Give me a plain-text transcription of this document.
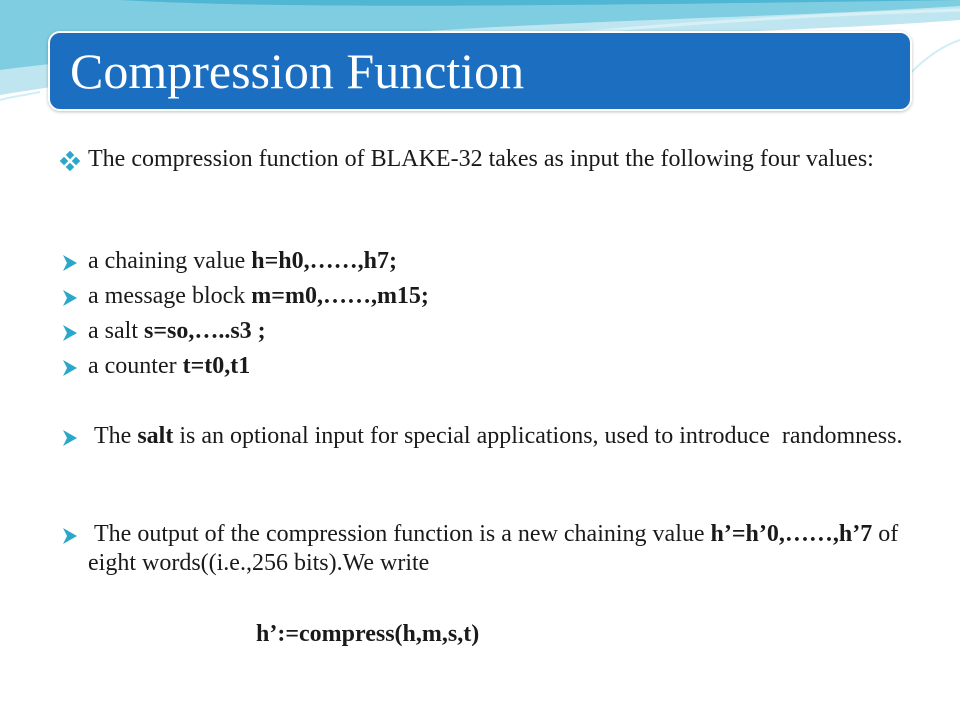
Compression Function
The compression function of BLAKE-32 takes as input the following four values:
a chaining value h=h0,……,h7;
a message block m=m0,……,m15;
a salt s=so,…..s3 ;
a counter t=t0,t1
The salt is an optional input for special applications, used to introduce  randomness.
The output of the compression function is a new chaining value h’=h’0,……,h’7 of eight words((i.e.,256 bits).We write
h’:=compress(h,m,s,t)
